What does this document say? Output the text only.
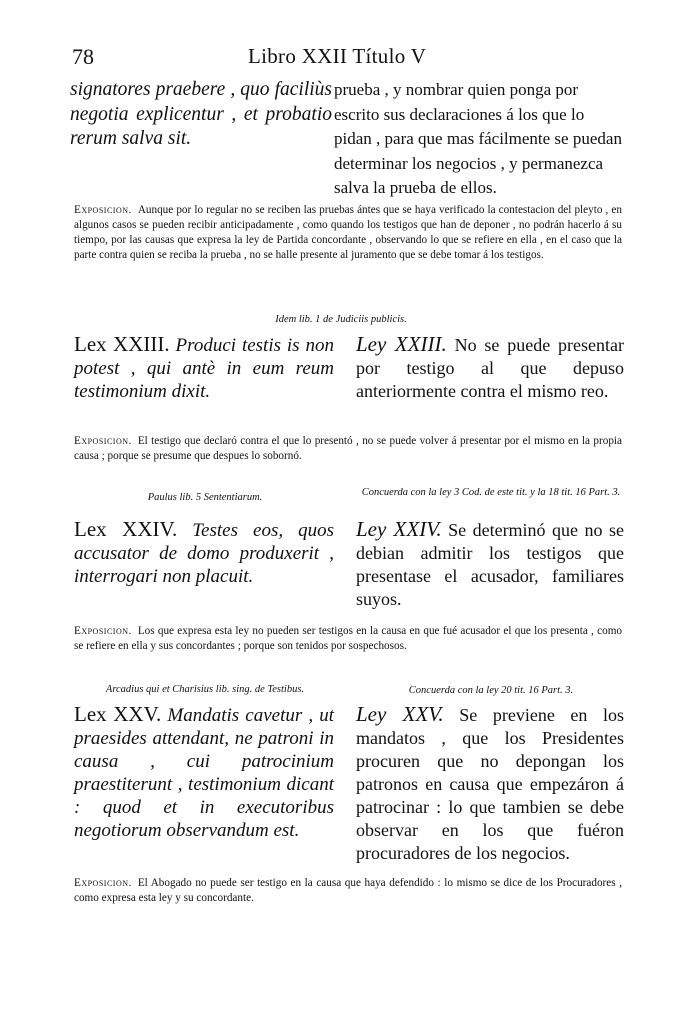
78	Libro XXII Título V
signatores praebere , quo faciliùs negotia explicentur , et probatio rerum salva sit.
prueba , y nombrar quien ponga por escrito sus declaraciones á los que lo pidan , para que mas fácilmente se puedan determinar los negocios , y permanezca salva la prueba de ellos.
Exposicion. Aunque por lo regular no se reciben las pruebas ántes que se haya verificado la contestacion del pleyto , en algunos casos se pueden recibir anticipadamente , como quando los testigos que han de deponer , no podrán hacerlo á su tiempo, por las causas que expresa la ley de Partida concordante , observando lo que se refiere en ella , en el caso que la parte contra quien se reciba la prueba , no se halle presente al juramento que se debe tomar á los testigos.
Idem lib. 1 de Judiciis publicis.
Lex XXIII. Produci testis is non potest , qui antè in eum reum testimonium dixit.
Ley XXIII. No se puede presentar por testigo al que depuso anteriormente contra el mismo reo.
Exposicion. El testigo que declaró contra el que lo presentó , no se puede volver á presentar por el mismo en la propia causa ; porque se presume que despues lo sobornó.
Paulus lib. 5 Sententiarum.	Concuerda con la ley 3 Cod. de este tit. y la 18 tit. 16 Part. 3.
Lex XXIV. Testes eos, quos accusator de domo produxerit , interrogari non placuit.
Ley XXIV. Se determinó que no se debian admitir los testigos que presentase el acusador, familiares suyos.
Exposicion. Los que expresa esta ley no pueden ser testigos en la causa en que fué acusador el que los presenta , como se refiere en ella y sus concordantes ; porque son tenidos por sospechosos.
Arcadius qui et Charisius lib. sing. de Testibus.	Concuerda con la ley 20 tit. 16 Part. 3.
Lex XXV. Mandatis cavetur , ut praesides attendant, ne patroni in causa , cui patrocinium praestiterunt , testimonium dicant : quod et in executoribus negotiorum observandum est.
Ley XXV. Se previene en los mandatos , que los Presidentes procuren que no depongan los patronos en causa que empezáron á patrocinar : lo que tambien se debe observar en los que fuéron procuradores de los negocios.
Exposicion. El Abogado no puede ser testigo en la causa que haya defendido : lo mismo se dice de los Procuradores , como expresa esta ley y su concordante.
